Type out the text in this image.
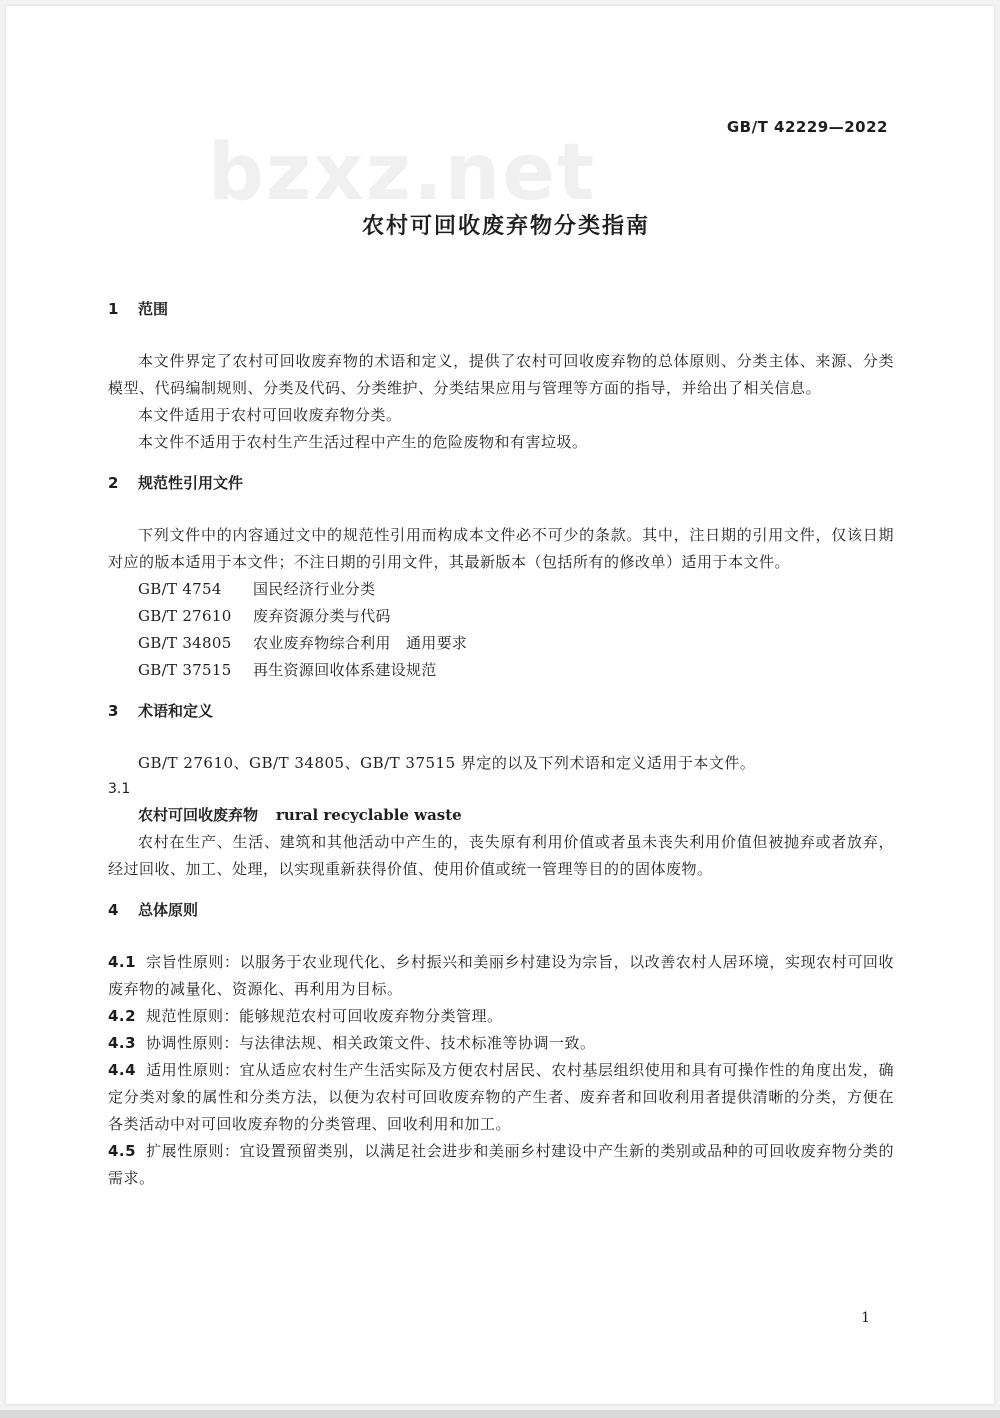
GB/T 42229—2022
bzxz.net
农村可回收废弃物分类指南
1 范围
本文件界定了农村可回收废弃物的术语和定义，提供了农村可回收废弃物的总体原则、分类主体、来源、分类模型、代码编制规则、分类及代码、分类维护、分类结果应用与管理等方面的指导，并给出了相关信息。
本文件适用于农村可回收废弃物分类。
本文件不适用于农村生产生活过程中产生的危险废物和有害垃圾。
2 规范性引用文件
下列文件中的内容通过文中的规范性引用而构成本文件必不可少的条款。其中，注日期的引用文件，仅该日期对应的版本适用于本文件；不注日期的引用文件，其最新版本（包括所有的修改单）适用于本文件。
GB/T 4754 国民经济行业分类
GB/T 27610 废弃资源分类与代码
GB/T 34805 农业废弃物综合利用　通用要求
GB/T 37515 再生资源回收体系建设规范
3 术语和定义
GB/T 27610、GB/T 34805、GB/T 37515 界定的以及下列术语和定义适用于本文件。
3.1
农村可回收废弃物 rural recyclable waste
农村在生产、生活、建筑和其他活动中产生的，丧失原有利用价值或者虽未丧失利用价值但被抛弃或者放弃，经过回收、加工、处理，以实现重新获得价值、使用价值或统一管理等目的的固体废物。
4 总体原则
4.1 宗旨性原则：以服务于农业现代化、乡村振兴和美丽乡村建设为宗旨，以改善农村人居环境，实现农村可回收废弃物的减量化、资源化、再利用为目标。
4.2 规范性原则：能够规范农村可回收废弃物分类管理。
4.3 协调性原则：与法律法规、相关政策文件、技术标准等协调一致。
4.4 适用性原则：宜从适应农村生产生活实际及方便农村居民、农村基层组织使用和具有可操作性的角度出发，确定分类对象的属性和分类方法，以便为农村可回收废弃物的产生者、废弃者和回收利用者提供清晰的分类，方便在各类活动中对可回收废弃物的分类管理、回收利用和加工。
4.5 扩展性原则：宜设置预留类别，以满足社会进步和美丽乡村建设中产生新的类别或品种的可回收废弃物分类的需求。
1
